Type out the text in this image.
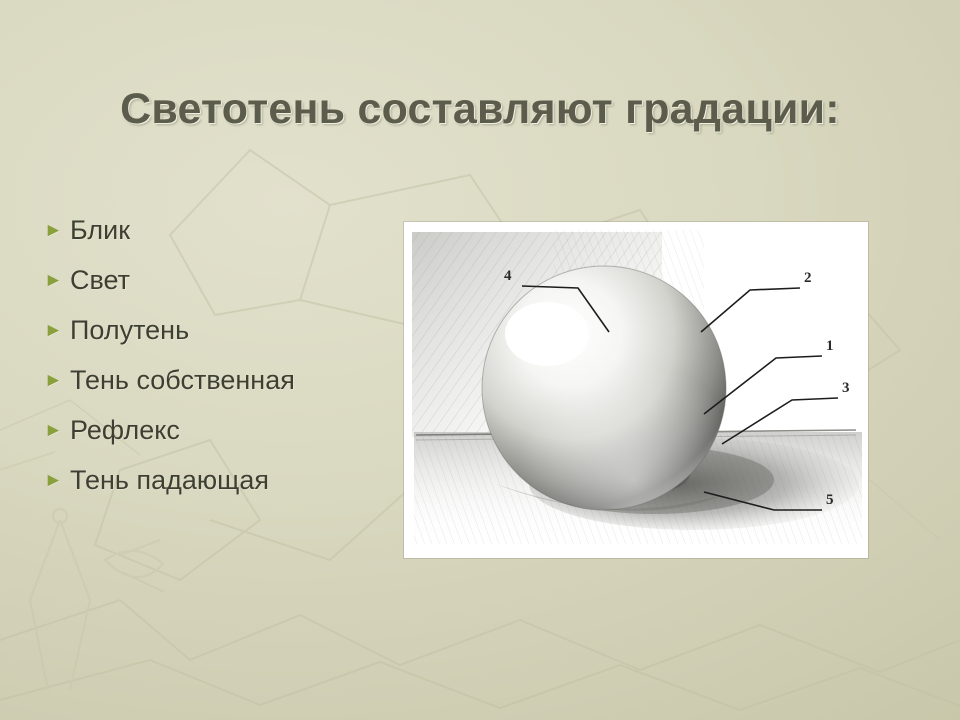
Светотень составляют градации:
► Блик
► Свет
► Полутень
► Тень собственная
► Рефлекс
► Тень падающая
4	2
1
3
5
